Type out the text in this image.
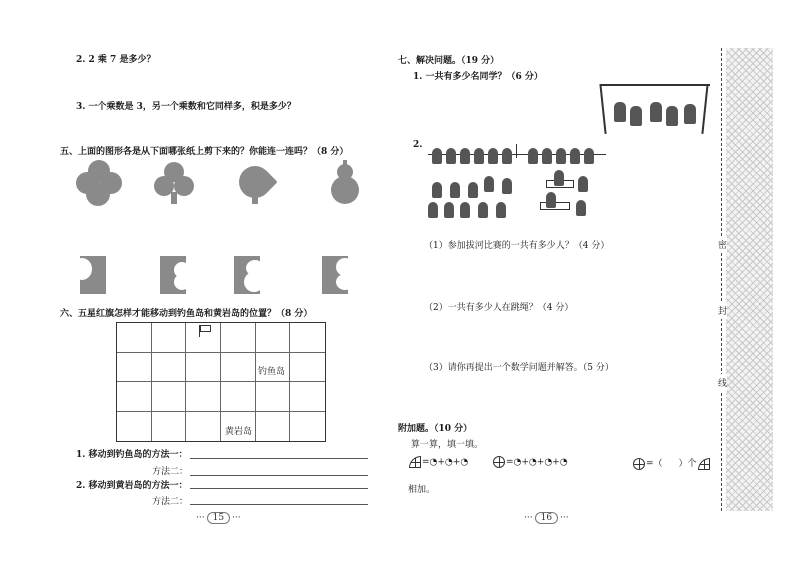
2. 2 乘 7 是多少？
3. 一个乘数是 3，另一个乘数和它同样多，积是多少？
五、上面的图形各是从下面哪张纸上剪下来的？你能连一连吗？（8 分）
六、五星红旗怎样才能移动到钓鱼岛和黄岩岛的位置？（8 分）
钓鱼岛
黄岩岛
1. 移动到钓鱼岛的方法一：
方法二：
2. 移动到黄岩岛的方法一：
方法二：
··· 15 ···
七、解决问题。（19 分）
1. 一共有多少名同学？（6 分）
2.
（1）参加拔河比赛的一共有多少人？（4 分）
（2）一共有多少人在跳绳？（4 分）
（3）请你再提出一个数学问题并解答。（5 分）
附加题。（10 分）
算一算，填一填。
=◔+◔+◔	=◔+◔+◔+◔	=（ ）个
相加。
··· 16 ···
密
封
线
